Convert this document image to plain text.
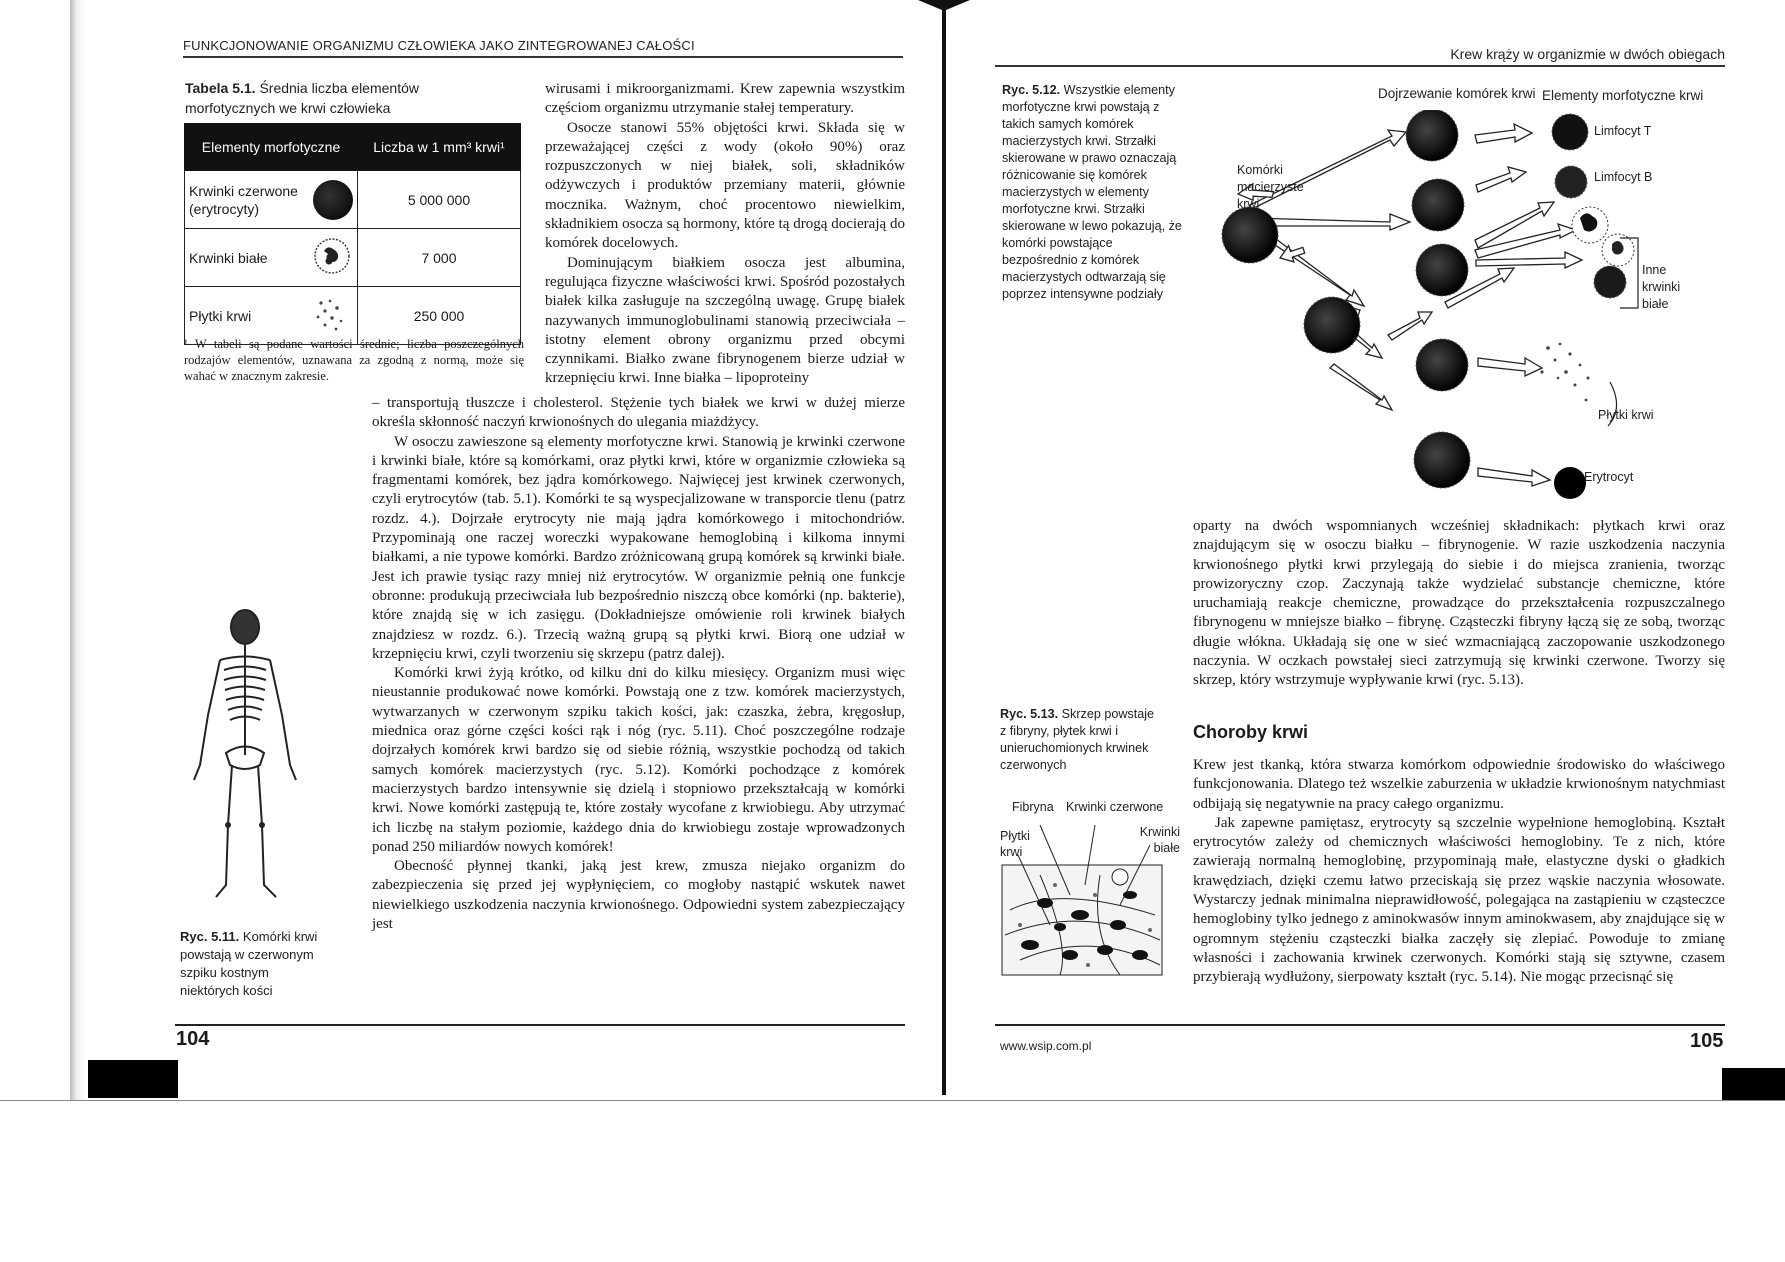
FUNKCJONOWANIE ORGANIZMU CZŁOWIEKA JAKO ZINTEGROWANEJ CAŁOŚCI
Tabela 5.1. Średnia liczba elementów morfotycznych we krwi człowieka
Elementy morfotyczne	Liczba w 1 mm³ krwi¹

Krwinki czerwone (erytrocyty)	5 000 000
Krwinki białe	7 000
Płytki krwi	250 000
¹ W tabeli są podane wartości średnie; liczba poszczególnych rodzajów elementów, uznawana za zgodną z normą, może się wahać w znacznym zakresie.

wirusami i mikroorganizmami. Krew zapewnia wszystkim częściom organizmu utrzymanie stałej temperatury.

Osocze stanowi 55% objętości krwi. Składa się w przeważającej części z wody (około 90%) oraz rozpuszczonych w niej białek, soli, składników odżywczych i produktów przemiany materii, głównie mocznika. Ważnym, choć procentowo niewielkim, składnikiem osocza są hormony, które tą drogą docierają do komórek docelowych.

Dominującym białkiem osocza jest albumina, regulująca fizyczne właściwości krwi. Spośród pozostałych białek kilka zasługuje na szczególną uwagę. Grupę białek nazywanych immunoglobulinami stanowią przeciwciała – istotny element obrony organizmu przed obcymi czynnikami. Białko zwane fibrynogenem bierze udział w krzepnięciu krwi. Inne białka – lipoproteiny

– transportują tłuszcze i cholesterol. Stężenie tych białek we krwi w dużej mierze określa skłonność naczyń krwionośnych do ulegania miażdżycy.

W osoczu zawieszone są elementy morfotyczne krwi. Stanowią je krwinki czerwone i krwinki białe, które są komórkami, oraz płytki krwi, które w organizmie człowieka są fragmentami komórek, bez jądra komórkowego. Najwięcej jest krwinek czerwonych, czyli erytrocytów (tab. 5.1). Komórki te są wyspecjalizowane w transporcie tlenu (patrz rozdz. 4.). Dojrzałe erytrocyty nie mają jądra komórkowego i mitochondriów. Przypominają one raczej woreczki wypakowane hemoglobiną i kilkoma innymi białkami, a nie typowe komórki. Bardzo zróżnicowaną grupą komórek są krwinki białe. Jest ich prawie tysiąc razy mniej niż erytrocytów. W organizmie pełnią one funkcje obronne: produkują przeciwciała lub bezpośrednio niszczą obce komórki (np. bakterie), które znajdą się w ich zasięgu. (Dokładniejsze omówienie roli krwinek białych znajdziesz w rozdz. 6.). Trzecią ważną grupą są płytki krwi. Biorą one udział w krzepnięciu krwi, czyli tworzeniu się skrzepu (patrz dalej).

Komórki krwi żyją krótko, od kilku dni do kilku miesięcy. Organizm musi więc nieustannie produkować nowe komórki. Powstają one z tzw. komórek macierzystych, wytwarzanych w czerwonym szpiku takich kości, jak: czaszka, żebra, kręgosłup, miednica oraz górne części kości rąk i nóg (ryc. 5.11). Choć poszczególne rodzaje dojrzałych komórek krwi bardzo się od siebie różnią, wszystkie pochodzą od takich samych komórek macierzystych (ryc. 5.12). Komórki pochodzące z komórek macierzystych bardzo intensywnie się dzielą i stopniowo przekształcają w komórki krwi. Nowe komórki zastępują te, które zostały wycofane z krwiobiegu. Aby utrzymać ich liczbę na stałym poziomie, każdego dnia do krwiobiegu zostaje wprowadzonych ponad 250 miliardów nowych komórek!

Obecność płynnej tkanki, jaką jest krew, zmusza niejako organizm do zabezpieczenia się przed jej wypłynięciem, co mogłoby nastąpić wskutek nawet niewielkiego uszkodzenia naczynia krwionośnego. Odpowiedni system zabezpieczający jest

Ryc. 5.11. Komórki krwi powstają w czerwonym szpiku kostnym niektórych kości
104
Krew krąży w organizmie w dwóch obiegach
Ryc. 5.12. Wszystkie elementy morfotyczne krwi powstają z takich samych komórek macierzystych krwi. Strzałki skierowane w prawo oznaczają różnicowanie się komórek macierzystych w elementy morfotyczne krwi. Strzałki skierowane w lewo pokazują, że komórki powstające bezpośrednio z komórek macierzystych odtwarzają się poprzez intensywne podziały
Dojrzewanie komórek krwi Elementy morfotyczne krwi
Komórki macierzyste krwi
Limfocyt T
Limfocyt B
Inne krwinki białe
Płytki krwi
Erytrocyt

oparty na dwóch wspomnianych wcześniej składnikach: płytkach krwi oraz znajdującym się w osoczu białku – fibrynogenie. W razie uszkodzenia naczynia krwionośnego płytki krwi przylegają do siebie i do miejsca zranienia, tworząc prowizoryczny czop. Zaczynają także wydzielać substancje chemiczne, które uruchamiają reakcje chemiczne, prowadzące do przekształcenia rozpuszczalnego fibrynogenu w mniejsze białko – fibrynę. Cząsteczki fibryny łączą się ze sobą, tworząc długie włókna. Układają się one w sieć wzmacniającą zaczopowanie uszkodzonego naczynia. W oczkach powstałej sieci zatrzymują się krwinki czerwone. Tworzy się skrzep, który wstrzymuje wypływanie krwi (ryc. 5.13).

Choroby krwi

Krew jest tkanką, która stwarza komórkom odpowiednie środowisko do właściwego funkcjonowania. Dlatego też wszelkie zaburzenia w układzie krwionośnym natychmiast odbijają się negatywnie na pracy całego organizmu.

Jak zapewne pamiętasz, erytrocyty są szczelnie wypełnione hemoglobiną. Kształt erytrocytów zależy od chemicznych właściwości hemoglobiny. Te z nich, które zawierają normalną hemoglobinę, przypominają małe, elastyczne dyski o gładkich krawędziach, dzięki czemu łatwo przeciskają się przez wąskie naczynia włosowate. Wystarczy jednak minimalna nieprawidłowość, polegająca na zastąpieniu w cząsteczce hemoglobiny tylko jednego z aminokwasów innym aminokwasem, aby znajdujące się w ogromnym stężeniu cząsteczki białka zaczęły się zlepiać. Powoduje to zmianę własności i zachowania krwinek czerwonych. Komórki stają się sztywne, czasem przybierają wydłużony, sierpowaty kształt (ryc. 5.14). Nie mogąc przecisnąć się

Ryc. 5.13. Skrzep powstaje z fibryny, płytek krwi i unieruchomionych krwinek czerwonych
Fibryna Krwinki czerwone
Płytki krwi
Krwinki białe
www.wsip.com.pl	105
